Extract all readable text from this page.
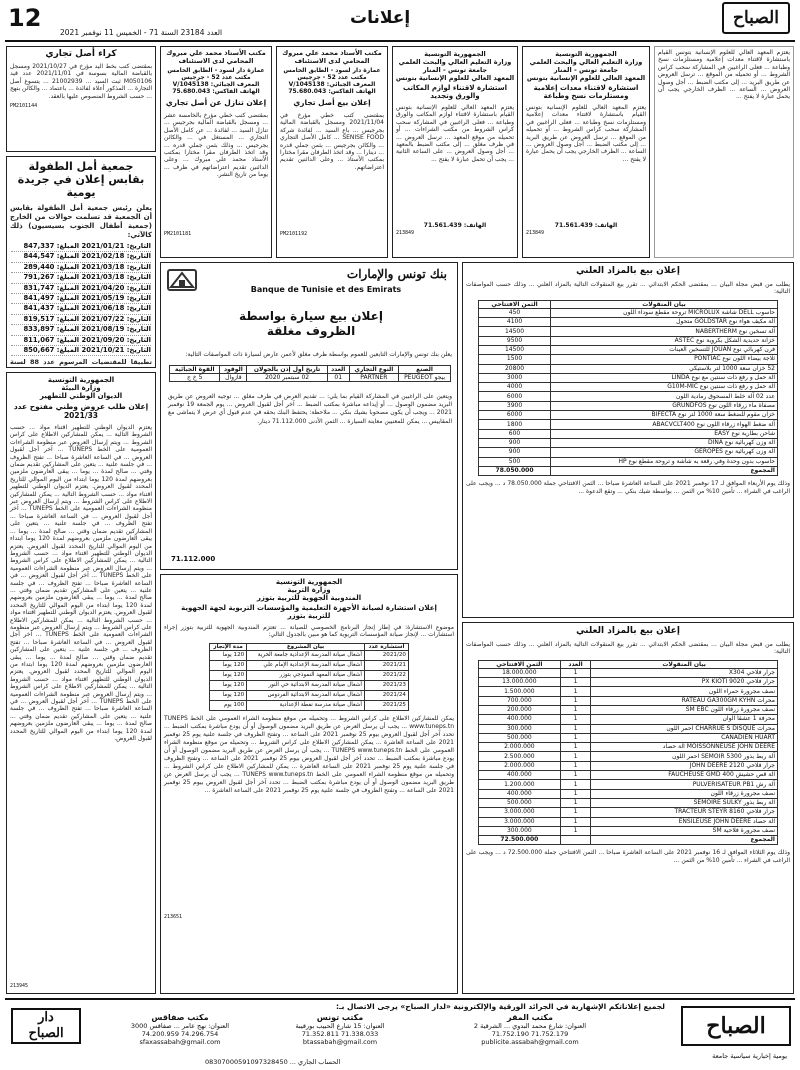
12
العدد 23184 السنة 71 - الخميس 11 نوفمبر 2021
إعلانات	الصباح
كراء أصل تجاري
بمقتضى كتب بخط اليد مؤرخ في 2021/10/27 ومسجل بالقباضة المالية بسوسة في 2021/11/01 عدد قيد M050106 ثبت السيد ... 21002939 ... يتسوغ أصل التجارة ... المذكور أعلاه لفائدة ... باعتماد ... والكائن بنهج ... حسب الشروط المنصوص عليها بالعقد.
PM2101144
جمعية أمل الطفولة بقابس إعلان في جريدة يومية
يعلن رئيس جمعية أمل الطفولة بقابس أن الجمعية قد تسلمت حوالات من الخارج (جمعية أطفال الجنوب بسيسيون) ذلك كالآتي:
التاريخ: 2021/01/21 المبلغ: 847,337
التاريخ: 2021/02/18 المبلغ: 844,547
التاريخ: 2021/03/18 المبلغ: 289,440
التاريخ: 2021/03/18 المبلغ: 791,267
التاريخ: 2021/04/20 المبلغ: 831,747
التاريخ: 2021/05/19 المبلغ: 841,497
التاريخ: 2021/06/18 المبلغ: 841,437
التاريخ: 2021/07/22 المبلغ: 819,517
التاريخ: 2021/08/19 المبلغ: 833,897
التاريخ: 2021/09/20 المبلغ: 811,067
التاريخ: 2021/10/21 المبلغ: 850,667
تطبيقا للمقتضيات المرسوم عدد 88 لسنة
الجمهورية التونسية
وزارة البيئة
الديوان الوطني للتطهير
إعلان طلب عروض وطني مفتوح عدد 2021/33
يعتزم الديوان الوطني للتطهير اقتناء مواد ... حسب الشروط التالية ... يمكن للمشاركين الاطلاع على كراس الشروط ... ويتم إرسال العروض عبر منظومة الشراءات العمومية على الخط TUNEPS ... آخر أجل لقبول العروض ... في الساعة العاشرة صباحا ... تفتح الظروف ... في جلسة علنية ... يتعين على المشاركين تقديم ضمان وقتي ... صالح لمدة ... يوما ... يبقى العارضون ملزمين بعروضهم لمدة 120 يوما ابتداء من اليوم الموالي للتاريخ المحدد لقبول العروض. يعتزم الديوان الوطني للتطهير اقتناء مواد ... حسب الشروط التالية ... يمكن للمشاركين الاطلاع على كراس الشروط ... ويتم إرسال العروض عبر منظومة الشراءات العمومية على الخط TUNEPS ... آخر أجل لقبول العروض ... في الساعة العاشرة صباحا ... تفتح الظروف ... في جلسة علنية ... يتعين على المشاركين تقديم ضمان وقتي ... صالح لمدة ... يوما ... يبقى العارضون ملزمين بعروضهم لمدة 120 يوما ابتداء من اليوم الموالي للتاريخ المحدد لقبول العروض. يعتزم الديوان الوطني للتطهير اقتناء مواد ... حسب الشروط التالية ... يمكن للمشاركين الاطلاع على كراس الشروط ... ويتم إرسال العروض عبر منظومة الشراءات العمومية على الخط TUNEPS ... آخر أجل لقبول العروض ... في الساعة العاشرة صباحا ... تفتح الظروف ... في جلسة علنية ... يتعين على المشاركين تقديم ضمان وقتي ... صالح لمدة ... يوما ... يبقى العارضون ملزمين بعروضهم لمدة 120 يوما ابتداء من اليوم الموالي للتاريخ المحدد لقبول العروض. يعتزم الديوان الوطني للتطهير اقتناء مواد ... حسب الشروط التالية ... يمكن للمشاركين الاطلاع على كراس الشروط ... ويتم إرسال العروض عبر منظومة الشراءات العمومية على الخط TUNEPS ... آخر أجل لقبول العروض ... في الساعة العاشرة صباحا ... تفتح الظروف ... في جلسة علنية ... يتعين على المشاركين تقديم ضمان وقتي ... صالح لمدة ... يوما ... يبقى العارضون ملزمين بعروضهم لمدة 120 يوما ابتداء من اليوم الموالي للتاريخ المحدد لقبول العروض. يعتزم الديوان الوطني للتطهير اقتناء مواد ... حسب الشروط التالية ... يمكن للمشاركين الاطلاع على كراس الشروط ... ويتم إرسال العروض عبر منظومة الشراءات العمومية على الخط TUNEPS ... آخر أجل لقبول العروض ... في الساعة العاشرة صباحا ... تفتح الظروف ... في جلسة علنية ... يتعين على المشاركين تقديم ضمان وقتي ... صالح لمدة ... يوما ... يبقى العارضون ملزمين بعروضهم لمدة 120 يوما ابتداء من اليوم الموالي للتاريخ المحدد لقبول العروض.
213945
مكتب الأستاذ محمد علي مبروك المحامي لدى الاستئناف
عمارة دار لسود - الطابق الخامس مكتب عدد 52 - جرجيس
المعرف الجبائي: 1045138/V
الهاتف الفاكس: 75.680.043
إعلان تنازل عن أصل تجاري
بمقتضى كتب خطي مؤرخ بالخامسة عشر ... ومسجل بالقباضة المالية بجرجيس ... تنازل السيد ... لفائدة ... عن كامل الأصل التجاري ... المستغل في ... والكائن بجرجيس ... وذلك بثمن جملي قدره ... وقد اتخذ الطرفان مقرا مختارا بمكتب الأستاذ محمد علي مبروك ... وعلى الدائنين تقديم اعتراضاتهم في ظرف ... يوما من تاريخ النشر.
PM2101181
مكتب الأستاذ محمد علي مبروك المحامي لدى الاستئناف
عمارة دار لسود - الطابق الخامس مكتب عدد 52 - جرجيس
المعرف الجبائي: 1045138/V
الهاتف الفاكس: 75.680.043
إعلان بيع أصل تجاري
بمقتضى كتب خطي مؤرخ في 2021/11/04 ومسجل بالقباضة المالية بجرجيس ... باع السيد ... لفائدة شركة SENISE FOOD ... كامل الأصل التجاري ... والكائن بجرجيس ... بثمن جملي قدره ... دينارا ... وقد اتخذ الطرفان مقرا مختارا بمكتب الأستاذ ... وعلى الدائنين تقديم اعتراضاتهم.
PM2101192
الجمهورية التونسية
وزارة التعليم العالي والبحث العلمي
جامعة تونس - المنار
المعهد العالي للعلوم الإنسانية بتونس
استشارة لاقتناء لوازم المكاتب والورق وتجديد
يعتزم المعهد العالي للعلوم الإنسانية بتونس القيام باستشارة لاقتناء لوازم المكاتب والورق وطباعة ... فعلى الراغبين في المشاركة سحب كراس الشروط من مكتب الشراءات ... أو تحميله من موقع المعهد ... ترسل العروض ... في ظرف مغلق ... إلى مكتب الضبط بالمعهد ... أجل وصول العروض ... على الساعة الثانية ... يجب أن تحمل عبارة لا يفتح ...
الهاتف: 71.561.439
213849
الجمهورية التونسية
وزارة التعليم العالي والبحث العلمي
جامعة تونس - المنار
المعهد العالي للعلوم الإنسانية بتونس
استشارة لاقتناء معدات إعلامية ومستلزمات نسخ وطباعة
يعتزم المعهد العالي للعلوم الإنسانية بتونس القيام باستشارة لاقتناء معدات إعلامية ومستلزمات نسخ وطباعة ... فعلى الراغبين في المشاركة سحب كراس الشروط ... أو تحميله من الموقع ... ترسل العروض عن طريق البريد ... إلى مكتب الضبط ... أجل وصول العروض ... الساعة ... الظرف الخارجي يجب أن يحمل عبارة لا يفتح ...
الهاتف: 71.561.439
213849
يعتزم المعهد العالي للعلوم الإنسانية بتونس القيام باستشارة لاقتناء معدات إعلامية ومستلزمات نسخ وطباعة ... فعلى الراغبين في المشاركة سحب كراس الشروط ... أو تحميله من الموقع ... ترسل العروض عن طريق البريد ... إلى مكتب الضبط ... أجل وصول العروض ... الساعة ... الظرف الخارجي يجب أن يحمل عبارة لا يفتح ...
بنك تونس والإمارات
Banque de Tunisie et des Emirats
إعلان بيع سيارة بواسطة الظروف مغلقة
يعلن بنك تونس والإمارات التابعين للعموم بواسطة ظرف مغلق لأعمن عارض لسيارة ذات المواصفات التالية:
الصنع	النوع التجاري	العدد	تاريخ أول إذن بالجولان	الوقود	القوة الجبائية
بيجو PEUGEOT	PARTNER	01	02 سبتمبر 2020	قازوال	5 خ ج
ويتعين على الراغبين في المشاركة القيام بما يلي: ... تقديم العرض في ظرف مغلق ... توجيه العروض عن طريق البريد مضمون الوصول ... أو إيداعه مباشرة بمكتب الضبط ... آخر أجل لقبول العروض ... يوم الجمعة 19 نوفمبر 2021 ... ويجب أن يكون مصحوبا بشيك بنكي ... ملاحظة: يحتفظ البنك بحقه في عدم قبول أي عرض لا يتماشى مع المقاييس ... يمكن للمعنيين معاينة السيارة ... الثمن الأدنى 71.112.000 دينار.
71.112.000
الجمهورية التونسية
وزارة التربية
المندوبية الجهوية للتربية بتوزر
إعلان استشارة لصيانة الأجهزة التعليمية والمؤسسات التربوية لجهة الجهوية للتربية بتوزر
موضوع الاستشارة: في إطار إنجاز البرنامج الخصوصي للصيانة ... تعتزم المندوبية الجهوية للتربية بتوزر إجراء استشارات ... لإنجاز صيانة المؤسسات التربوية كما هو مبين بالجدول التالي:
استشارة عدد	بيان المشروع	مدة الإنجاز
2021/20	أشغال صيانة المدرسة الإعدادية جامعة الحرية	120 يوما
2021/21	أشغال صيانة المدرسة الإعدادية الإمام علي	120 يوما
2021/22	أشغال صيانة المعهد النموذجي بتوزر	120 يوما
2021/23	أشغال صيانة المدرسة الابتدائية حي النور	120 يوما
2021/24	أشغال صيانة المدرسة الابتدائية الفردوس	120 يوما
2021/25	أشغال صيانة مدرسة نفطة الإعدادية	100 يوم
يمكن للمشاركين الاطلاع على كراس الشروط ... وتحميله من موقع منظومة الشراء العمومي على الخط TUNEPS www.tuneps.tn ... يجب أن يرسل العرض عن طريق البريد مضمون الوصول أو أن يودع مباشرة بمكتب الضبط ... تحدد آخر أجل لقبول العروض بيوم 25 نوفمبر 2021 على الساعة ... وتفتح الظروف في جلسة علنية يوم 25 نوفمبر 2021 على الساعة العاشرة ... يمكن للمشاركين الاطلاع على كراس الشروط ... وتحميله من موقع منظومة الشراء العمومي على الخط TUNEPS www.tuneps.tn ... يجب أن يرسل العرض عن طريق البريد مضمون الوصول أو أن يودع مباشرة بمكتب الضبط ... تحدد آخر أجل لقبول العروض بيوم 25 نوفمبر 2021 على الساعة ... وتفتح الظروف في جلسة علنية يوم 25 نوفمبر 2021 على الساعة العاشرة ... يمكن للمشاركين الاطلاع على كراس الشروط ... وتحميله من موقع منظومة الشراء العمومي على الخط TUNEPS www.tuneps.tn ... يجب أن يرسل العرض عن طريق البريد مضمون الوصول أو أن يودع مباشرة بمكتب الضبط ... تحدد آخر أجل لقبول العروض بيوم 25 نوفمبر 2021 على الساعة ... وتفتح الظروف في جلسة علنية يوم 25 نوفمبر 2021 على الساعة العاشرة ...
213651
إعلان بيع بالمزاد العلني
يطلب من قبض مجلة البيان ... بمقتضى الحكم الابتدائي ... تقرر بيع المنقولات التالية بالمزاد العلني ... وذلك حسب المواصفات التالية:
بيان المنقولات	الثمن الافتتاحي
حاسوب DELL شاشة MICROLUX تروحة مقطع سوداء اللون	450
آلة مكيف هواء نوع GOLDSTAR متحول	4100
آلة تسخين نوع NABERTHERM	14500
خزانة حديدية الشكل بكروية نوع ASTEC	9500
فرن كهربائي نوع JOUAN للتسخين العينات	14500
ثلاجة بيضاء اللون نوع PONTIAC	1500
52 خزان سعة 1000 لتر بلاستيكي	20800
آلة حمل و رفع ذات سنتين مع نوع LINDA	3000
آلة حمل و رفع ذات سنتين نوع G10M-MIC	4000
عدد 02 آلة خلط المسحوق رمادية اللون	6000
مصفاة ماء زرقاء اللون نوع GRUNDFOS	3900
خزان مقوم للضغط سعة 1000 لتر نوع BIFECTA	6000
آلة ضغط الهواء زرقاء اللون نوع ABACVCLT400	1800
شاحن بطارية نوع EASY	600
آلة وزن كهربائية نوع DINA	900
آلة وزن كهربائية نوع GEROPES	900
حاسوب بدون وحدة وفي رقعة به شاشة و تروحة مقطع نوع HP	500
المجموع	78.050.000
وذلك يوم الأربعاء الموافق لـ 17 نوفمبر 2021 على الساعة العاشرة صباحا ... الثمن الافتتاحي جملة 78.050.000 د ... ويجب على الراغب في الشراء ... تأمين 10% من الثمن ... بواسطة شيك بنكي ... وتقع الدعوة ...
إعلان بيع بالمزاد العلني
يطلب من قبض مجلة البيان ... بمقتضى الحكم الابتدائي ... تقرر بيع المنقولات التالية بالمزاد العلني ... وذلك حسب المواصفات التالية:
بيان المنقولات	العدد	الثمن الافتتاحي
جرار فلاحي X304	1	18.000.000
جرار فلاحي PX KIOTI 9020	1	13.000.000
نصف مجرورة حمراء اللون	1	1.500.000
محراث RATEAU GA300GM KYHN	1	700.000
نصف مجرورة زرقاء اللون SM EBC	1	200.000
محرفة 1 عشقا الوان	1	400.000
محراث CHARRUE S DISQUE احمر اللون	1	300.000
CANADIEN HUART	1	500.000
MOISSONNEUSE JOHN DEERE آلة حصاد	1	2.000.000
آلة ربط بذور SEMOIR 5300 احمر اللون	1	2.500.000
جرار فلاحي JOHN DEERE 2120	1	2.000.000
آلة قص حشيش FAUCHEUSE GMD 400	1	400.000
آلة رش PULVERISATEUR PB1	1	1.200.000
نصف مجرورة زرقاء اللون	1	400.000
آلة ربط بذور SEMOIRE SULKY	1	500.000
جرار فلاحي TRACTEUR STEYR 8160	1	3.000.000
آلة حصاد ENSILEUSE JOHN DEERE	1	3.000.000
نصف مجرورة فلاحية SM	1	300.000
المجموع		72.500.000
وذلك يوم الثلاثاء الموافق لـ 16 نوفمبر 2021 على الساعة العاشرة صباحا ... الثمن الافتتاحي جملة 72.500.000 د ... ويجب على الراغب في الشراء ... تأمين 10% من الثمن ...
لجميع إعلاناتكم الإشهارية في الجرائد الورقية والإلكترونية «لدار الصباح» يرجى الاتصال بـ:
مكتب المقر
العنوان: شارع محمد البدوي ... الشرقية 2
71.752.179 71.752.190
publicite.assabah@gmail.com
مكتب تونس
العنوان: 15 شارع الحبيب بورقيبة
71.338.033 71.352.811
btassabah@gmail.com
مكتب صفاقس
العنوان: نهج عامر ... صفاقس 3000
74.296.754 74.200.959
sfaxassabah@gmail.com
الحساب الجاري ... 08307000591097328450
الصباح
يومية إخبارية سياسية جامعة
دار
الصباح
